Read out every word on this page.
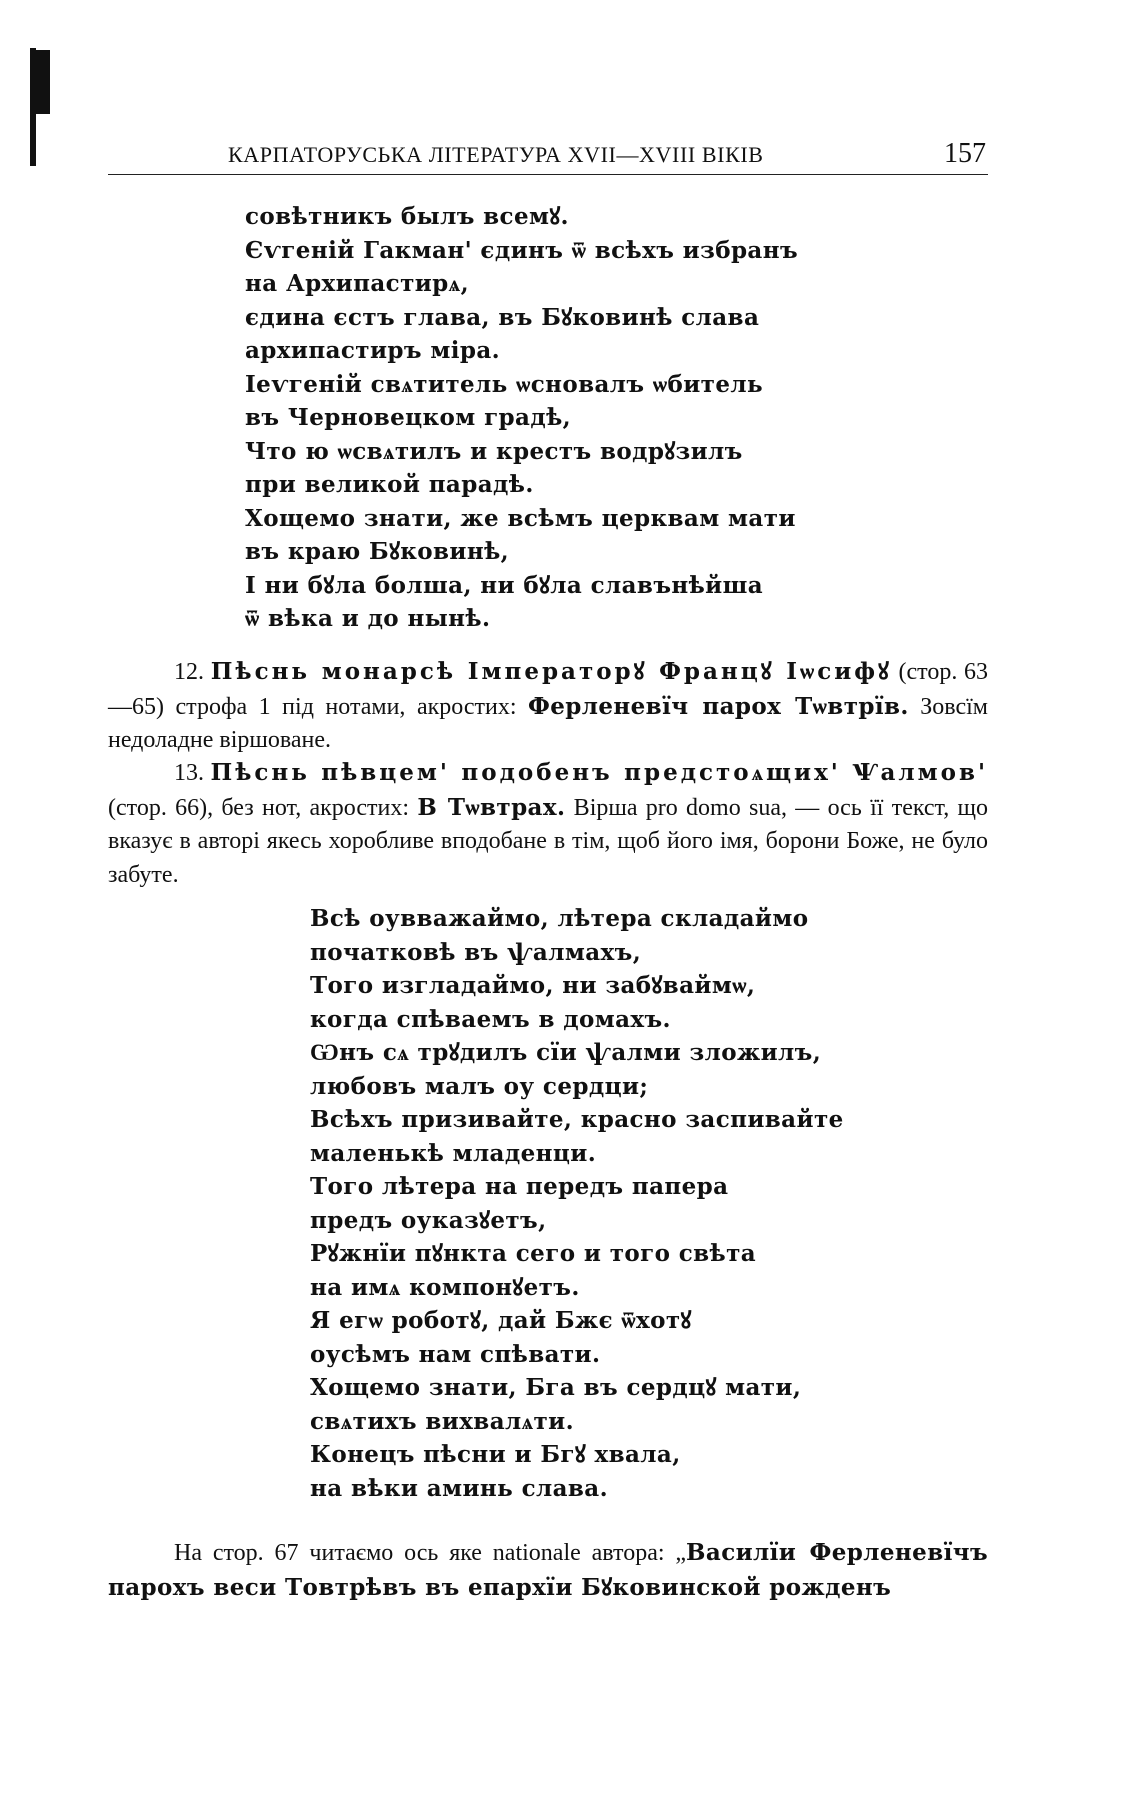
КАРПАТОРУСЬКА ЛІТЕРАТУРА XVII—XVIII ВІКІВ	157
совѣтникъ былъ всемꙋ.
Єѵгеній Гакман' єдинъ ѿ всѣхъ избранъ
на Архипастирѧ,
єдина єстъ глава, въ Бꙋковинѣ слава
архипастиръ міра.
Іеѵгеній свѧтитель ѡсновалъ ѡбитель
въ Черновецком градѣ,
Что ю ѡсвѧтилъ и крестъ водрꙋзилъ
при великой парадѣ.
Хощемо знати, же всѣмъ церквам мати
въ краю Бꙋковинѣ,
І ни бꙋла болша, ни бꙋла славънѣйша
ѿ вѣка и до нынѣ.

12. Пѣснь монарсѣ Імператорꙋ Францꙋ Іѡсифꙋ (стор. 63—65) строфа 1 під нотами, акростих: Ферленевїч парох Тѡвтрїв. Зовсїм недоладне віршоване.

13. Пѣснь пѣвцем' подобенъ предстоѧщих' Ѱалмов' (стор. 66), без нот, акростих: В Тѡвтрах. Вірша pro domo sua, — ось її текст, що вказує в авторі якесь хоробливе вподобане в тім, щоб його імя, борони Боже, не було забуте.

Всѣ оувважаймо, лѣтера складаймо
початковѣ въ ѱалмахъ,
Того изгладаймо, ни забꙋваймѡ,
когда спѣваемъ в домахъ.
Ѡнъ сѧ трꙋдилъ сїи ѱалми зложилъ,
любовъ малъ оу сердци;
Всѣхъ призивайте, красно заспивайте
маленькѣ младенци.
Того лѣтера на передъ папера
предъ оуказꙋетъ,
Рꙋжнїи пꙋнкта сего и того свѣта
на имѧ компонꙋетъ.
Я егѡ роботꙋ, дай Бжє ѿхотꙋ
оусѣмъ нам спѣвати.
Хощемо знати, Бга въ сердцꙋ мати,
свѧтихъ вихвалѧти.
Конецъ пѣсни и Бгꙋ хвала,
на вѣки аминь слава.

На стор. 67 читаємо ось яке nationale автора: „Василїи Ферленевїчъ парохъ веси Товтрѣвъ въ епархїи Бꙋковинской рожденъ
